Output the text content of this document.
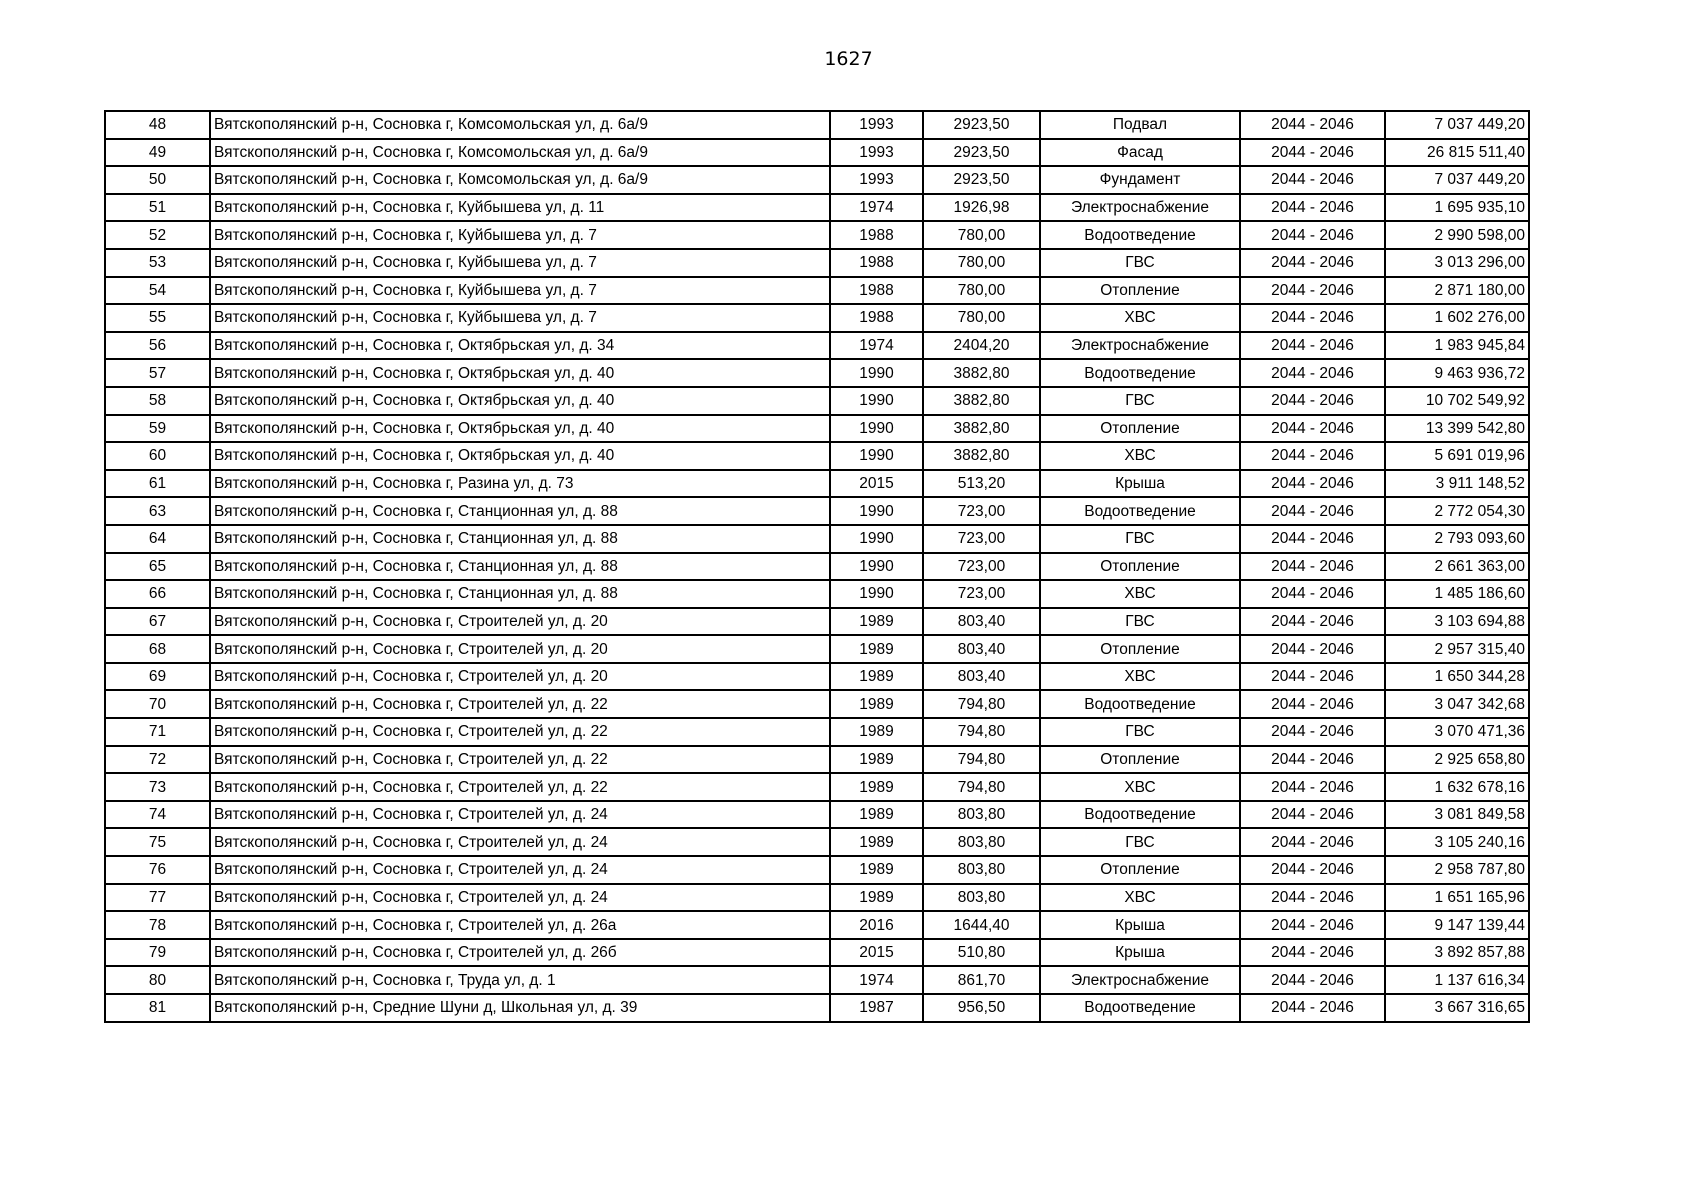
1627
48	Вятскополянский р-н, Сосновка г, Комсомольская ул, д. 6а/9	1993	2923,50	Подвал	2044 - 2046	7 037 449,20
49	Вятскополянский р-н, Сосновка г, Комсомольская ул, д. 6а/9	1993	2923,50	Фасад	2044 - 2046	26 815 511,40
50	Вятскополянский р-н, Сосновка г, Комсомольская ул, д. 6а/9	1993	2923,50	Фундамент	2044 - 2046	7 037 449,20
51	Вятскополянский р-н, Сосновка г, Куйбышева ул, д. 11	1974	1926,98	Электроснабжение	2044 - 2046	1 695 935,10
52	Вятскополянский р-н, Сосновка г, Куйбышева ул, д. 7	1988	780,00	Водоотведение	2044 - 2046	2 990 598,00
53	Вятскополянский р-н, Сосновка г, Куйбышева ул, д. 7	1988	780,00	ГВС	2044 - 2046	3 013 296,00
54	Вятскополянский р-н, Сосновка г, Куйбышева ул, д. 7	1988	780,00	Отопление	2044 - 2046	2 871 180,00
55	Вятскополянский р-н, Сосновка г, Куйбышева ул, д. 7	1988	780,00	ХВС	2044 - 2046	1 602 276,00
56	Вятскополянский р-н, Сосновка г, Октябрьская ул, д. 34	1974	2404,20	Электроснабжение	2044 - 2046	1 983 945,84
57	Вятскополянский р-н, Сосновка г, Октябрьская ул, д. 40	1990	3882,80	Водоотведение	2044 - 2046	9 463 936,72
58	Вятскополянский р-н, Сосновка г, Октябрьская ул, д. 40	1990	3882,80	ГВС	2044 - 2046	10 702 549,92
59	Вятскополянский р-н, Сосновка г, Октябрьская ул, д. 40	1990	3882,80	Отопление	2044 - 2046	13 399 542,80
60	Вятскополянский р-н, Сосновка г, Октябрьская ул, д. 40	1990	3882,80	ХВС	2044 - 2046	5 691 019,96
61	Вятскополянский р-н, Сосновка г, Разина ул, д. 73	2015	513,20	Крыша	2044 - 2046	3 911 148,52
63	Вятскополянский р-н, Сосновка г, Станционная ул, д. 88	1990	723,00	Водоотведение	2044 - 2046	2 772 054,30
64	Вятскополянский р-н, Сосновка г, Станционная ул, д. 88	1990	723,00	ГВС	2044 - 2046	2 793 093,60
65	Вятскополянский р-н, Сосновка г, Станционная ул, д. 88	1990	723,00	Отопление	2044 - 2046	2 661 363,00
66	Вятскополянский р-н, Сосновка г, Станционная ул, д. 88	1990	723,00	ХВС	2044 - 2046	1 485 186,60
67	Вятскополянский р-н, Сосновка г, Строителей ул, д. 20	1989	803,40	ГВС	2044 - 2046	3 103 694,88
68	Вятскополянский р-н, Сосновка г, Строителей ул, д. 20	1989	803,40	Отопление	2044 - 2046	2 957 315,40
69	Вятскополянский р-н, Сосновка г, Строителей ул, д. 20	1989	803,40	ХВС	2044 - 2046	1 650 344,28
70	Вятскополянский р-н, Сосновка г, Строителей ул, д. 22	1989	794,80	Водоотведение	2044 - 2046	3 047 342,68
71	Вятскополянский р-н, Сосновка г, Строителей ул, д. 22	1989	794,80	ГВС	2044 - 2046	3 070 471,36
72	Вятскополянский р-н, Сосновка г, Строителей ул, д. 22	1989	794,80	Отопление	2044 - 2046	2 925 658,80
73	Вятскополянский р-н, Сосновка г, Строителей ул, д. 22	1989	794,80	ХВС	2044 - 2046	1 632 678,16
74	Вятскополянский р-н, Сосновка г, Строителей ул, д. 24	1989	803,80	Водоотведение	2044 - 2046	3 081 849,58
75	Вятскополянский р-н, Сосновка г, Строителей ул, д. 24	1989	803,80	ГВС	2044 - 2046	3 105 240,16
76	Вятскополянский р-н, Сосновка г, Строителей ул, д. 24	1989	803,80	Отопление	2044 - 2046	2 958 787,80
77	Вятскополянский р-н, Сосновка г, Строителей ул, д. 24	1989	803,80	ХВС	2044 - 2046	1 651 165,96
78	Вятскополянский р-н, Сосновка г, Строителей ул, д. 26а	2016	1644,40	Крыша	2044 - 2046	9 147 139,44
79	Вятскополянский р-н, Сосновка г, Строителей ул, д. 26б	2015	510,80	Крыша	2044 - 2046	3 892 857,88
80	Вятскополянский р-н, Сосновка г, Труда ул, д. 1	1974	861,70	Электроснабжение	2044 - 2046	1 137 616,34
81	Вятскополянский р-н, Средние Шуни д, Школьная ул, д. 39	1987	956,50	Водоотведение	2044 - 2046	3 667 316,65
